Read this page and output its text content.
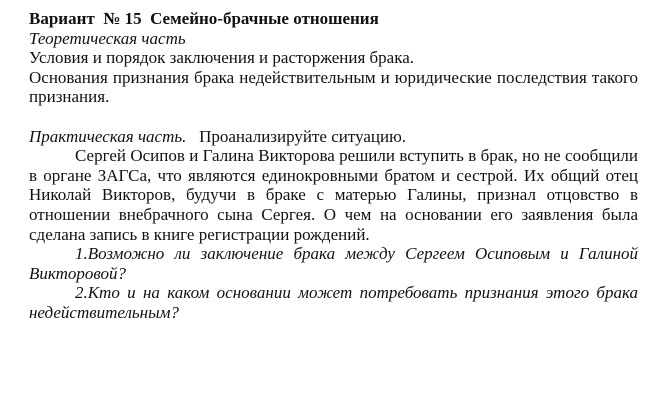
Вариант  № 15  Семейно-брачные отношения
Теоретическая часть

Условия и порядок заключения и расторжения брака.

Основания признания брака недействительным и юридические последствия такого признания.

Практическая часть. Проанализируйте ситуацию.

Сергей Осипов и Галина Викторова решили вступить в брак, но не сообщили в органе ЗАГСа, что являются единокровными братом и сестрой. Их общий отец Николай Викторов, будучи в браке с матерью Галины, признал отцовство в отношении внебрачного сына Сергея. О чем на основании его заявления была сделана запись в книге регистрации рождений.

1.Возможно ли заключение брака между Сергеем Осиповым и Галиной Викторовой?

2.Кто и на каком основании может потребовать признания этого брака недействительным?
